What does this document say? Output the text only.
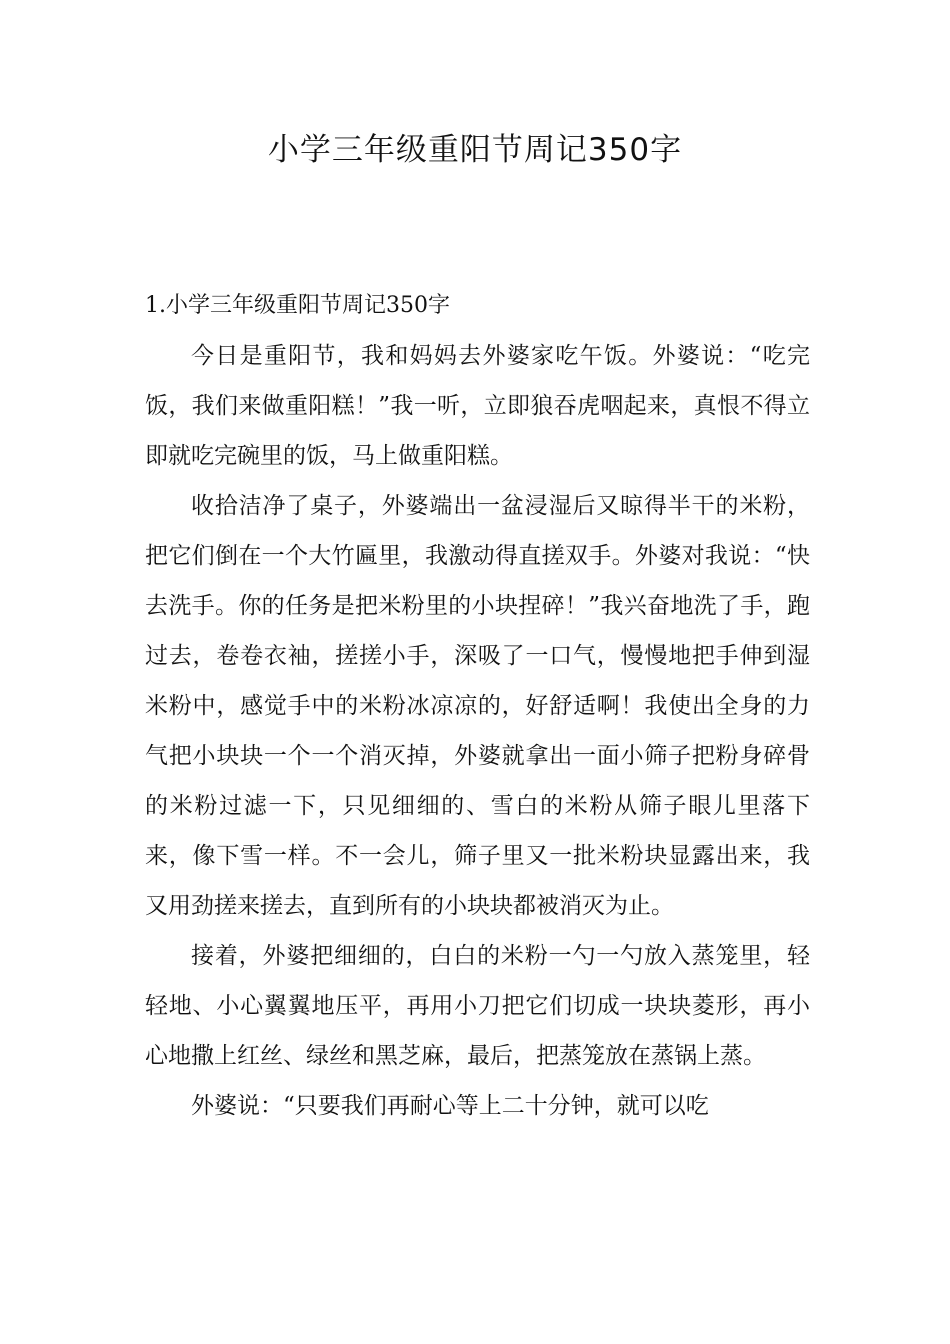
小学三年级重阳节周记350字

1.小学三年级重阳节周记350字

今日是重阳节，我和妈妈去外婆家吃午饭。外婆说：“吃完饭，我们来做重阳糕！”我一听，立即狼吞虎咽起来，真恨不得立即就吃完碗里的饭，马上做重阳糕。

收拾洁净了桌子，外婆端出一盆浸湿后又晾得半干的米粉，把它们倒在一个大竹匾里，我激动得直搓双手。外婆对我说：“快去洗手。你的任务是把米粉里的小块捏碎！”我兴奋地洗了手，跑过去，卷卷衣袖，搓搓小手，深吸了一口气，慢慢地把手伸到湿米粉中，感觉手中的米粉冰凉凉的，好舒适啊！我使出全身的力气把小块块一个一个消灭掉，外婆就拿出一面小筛子把粉身碎骨的米粉过滤一下，只见细细的、雪白的米粉从筛子眼儿里落下来，像下雪一样。不一会儿，筛子里又一批米粉块显露出来，我又用劲搓来搓去，直到所有的小块块都被消灭为止。

接着，外婆把细细的，白白的米粉一勺一勺放入蒸笼里，轻轻地、小心翼翼地压平，再用小刀把它们切成一块块菱形，再小心地撒上红丝、绿丝和黑芝麻，最后，把蒸笼放在蒸锅上蒸。

外婆说：“只要我们再耐心等上二十分钟，就可以吃
